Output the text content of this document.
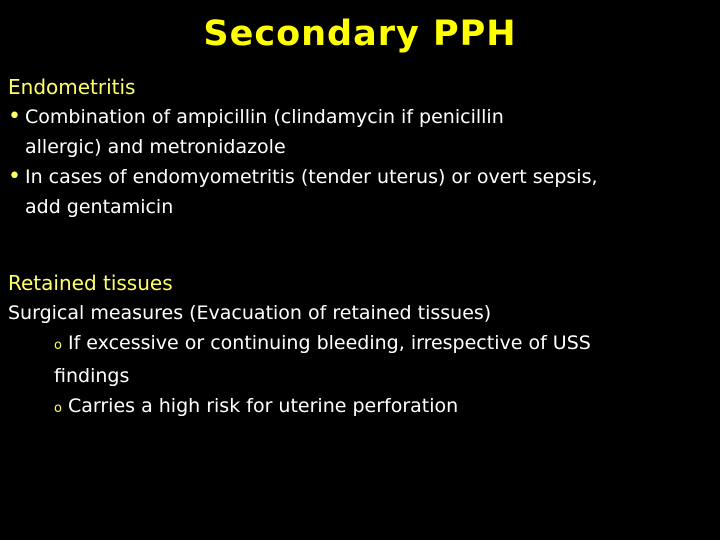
Secondary PPH
Endometritis
• Combination of ampicillin (clindamycin if penicillin
allergic) and metronidazole
• In cases of endomyometritis (tender uterus) or overt sepsis,
add gentamicin
Retained tissues
Surgical measures (Evacuation of retained tissues)
o If excessive or continuing bleeding, irrespective of USS
findings
o Carries a high risk for uterine perforation
